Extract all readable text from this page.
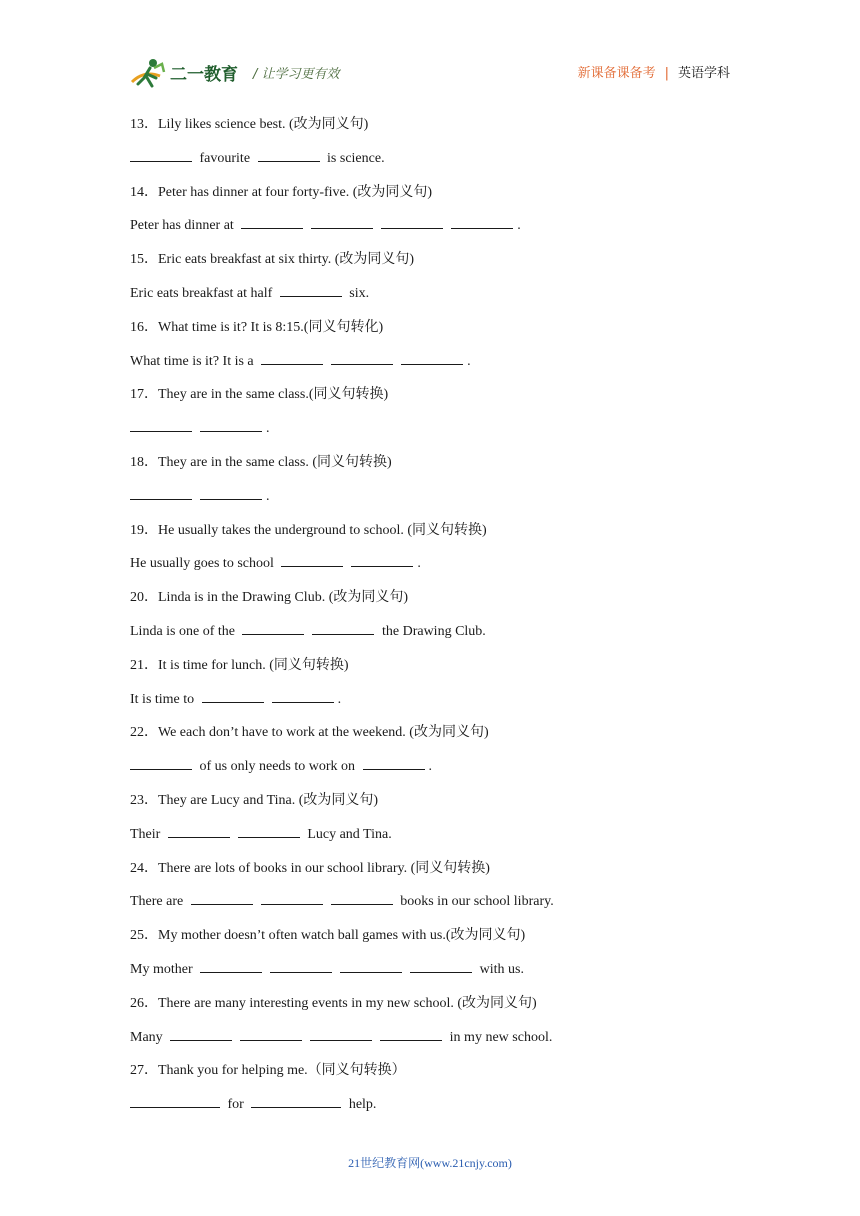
二一教育 / 让学习更有效	新课备课备考 | 英语学科
13．Lily likes science best. (改为同义句)
favourite	is science.
14．Peter has dinner at four forty-five. (改为同义句)
Peter has dinner at	.
15．Eric eats breakfast at six thirty. (改为同义句)
Eric eats breakfast at half	six.
16．What time is it? It is 8:15.(同义句转化)
What time is it? It is a	.
17．They are in the same class.(同义句转换)
.
18．They are in the same class. (同义句转换)
.
19．He usually takes the underground to school. (同义句转换)
He usually goes to school	.
20．Linda is in the Drawing Club. (改为同义句)
Linda is one of the	the Drawing Club.
21．It is time for lunch. (同义句转换)
It is time to	.
22．We each don’t have to work at the weekend. (改为同义句)
of us only needs to work on	.
23．They are Lucy and Tina. (改为同义句)
Their	Lucy and Tina.
24．There are lots of books in our school library. (同义句转换)
There are	books in our school library.
25．My mother doesn’t often watch ball games with us.(改为同义句)
My mother	with us.
26．There are many interesting events in my new school. (改为同义句)
Many	in my new school.
27．Thank you for helping me.（同义句转换）
for	help.
21世纪教育网(www.21cnjy.com)
